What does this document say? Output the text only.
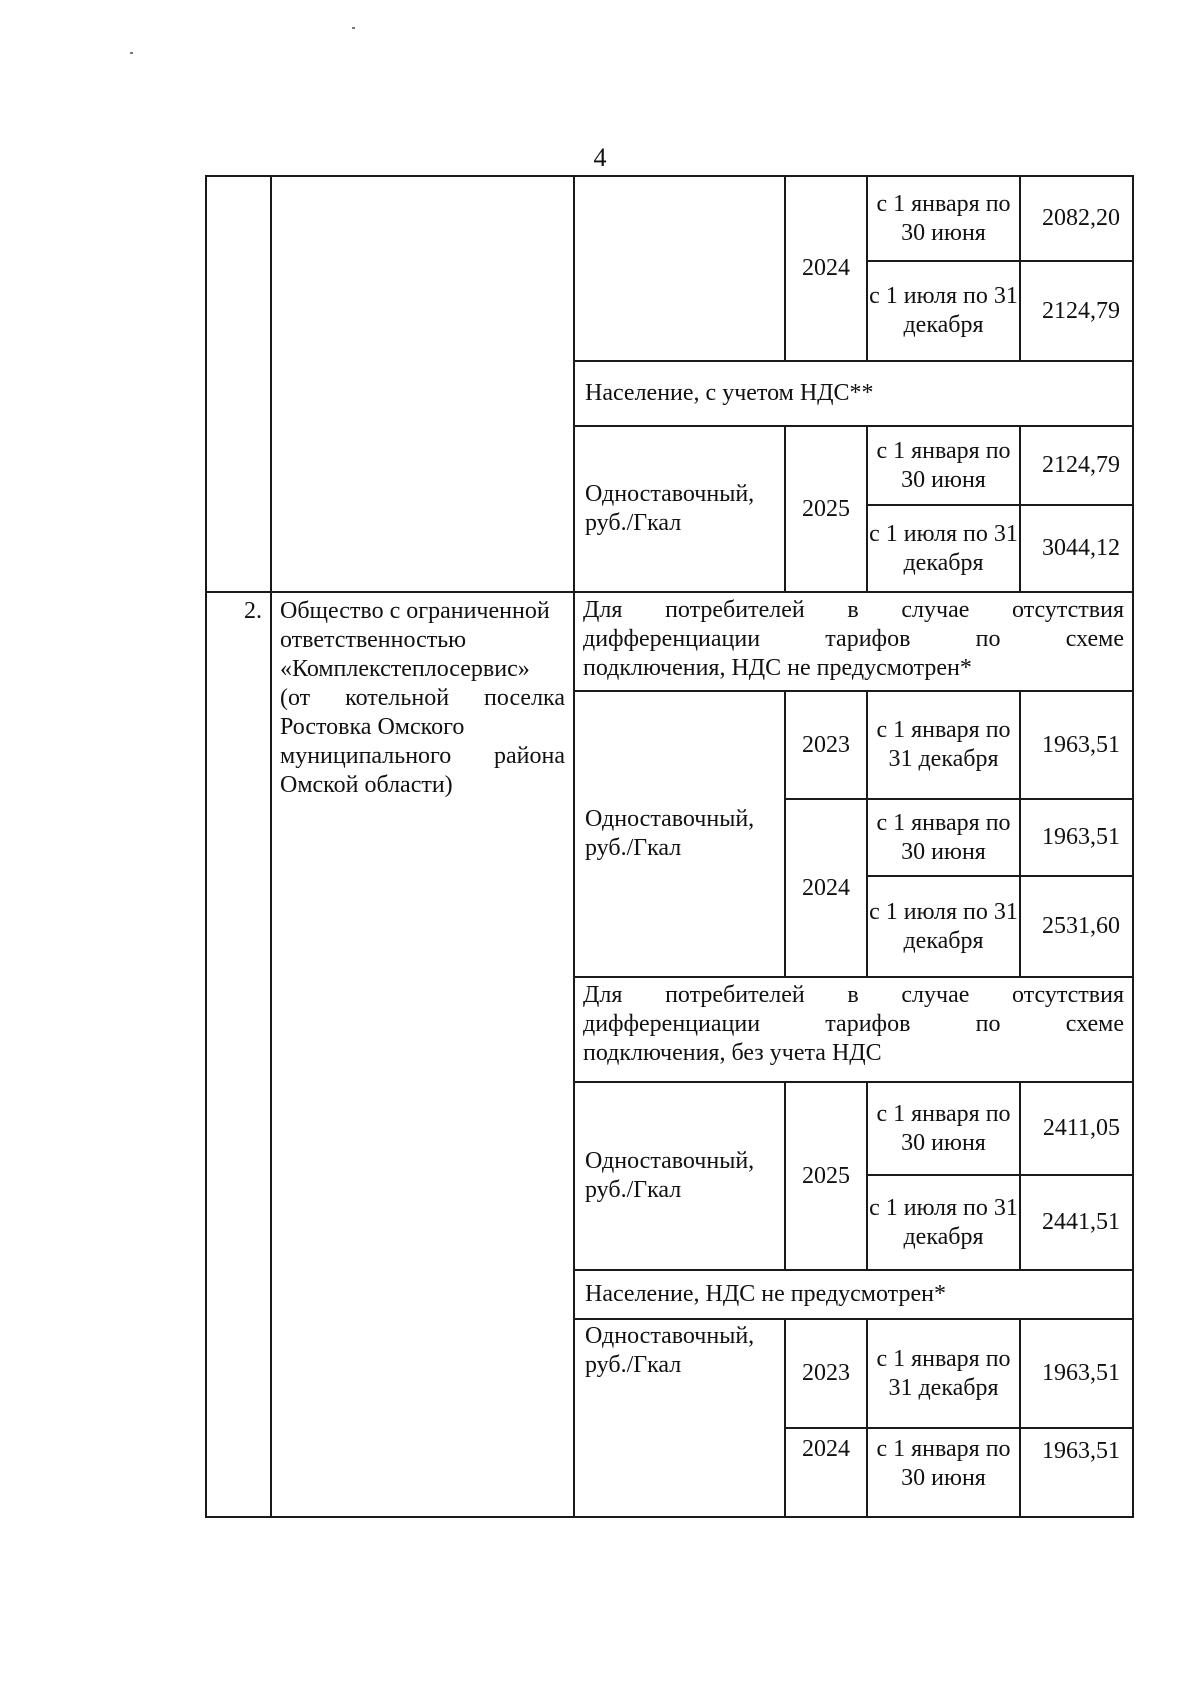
4
2024
с 1 января по 30 июня
2082,20
с 1 июля по 31 декабря
2124,79
Население, с учетом НДС**
Одноставочный, руб./Гкал
2025
с 1 января по 30 июня
2124,79
с 1 июля по 31 декабря
3044,12
2. Общество с ограниченной ответственностью «Комплекстеплосервис»
(от котельной поселка
Ростовка Омского
муниципального района
Омской области)
Для потребителей в случае отсутствия
дифференциации тарифов по схеме
подключения, НДС не предусмотрен*
Одноставочный, руб./Гкал
2023
с 1 января по 31 декабря
1963,51
2024
с 1 января по 30 июня
1963,51
с 1 июля по 31 декабря
2531,60
Для потребителей в случае отсутствия
дифференциации тарифов по схеме
подключения, без учета НДС
Одноставочный, руб./Гкал
2025
с 1 января по 30 июня
2411,05
с 1 июля по 31 декабря
2441,51
Население, НДС не предусмотрен*
Одноставочный, руб./Гкал	2023
с 1 января по 31 декабря
1963,51
2024	с 1 января по 30 июня
1963,51
